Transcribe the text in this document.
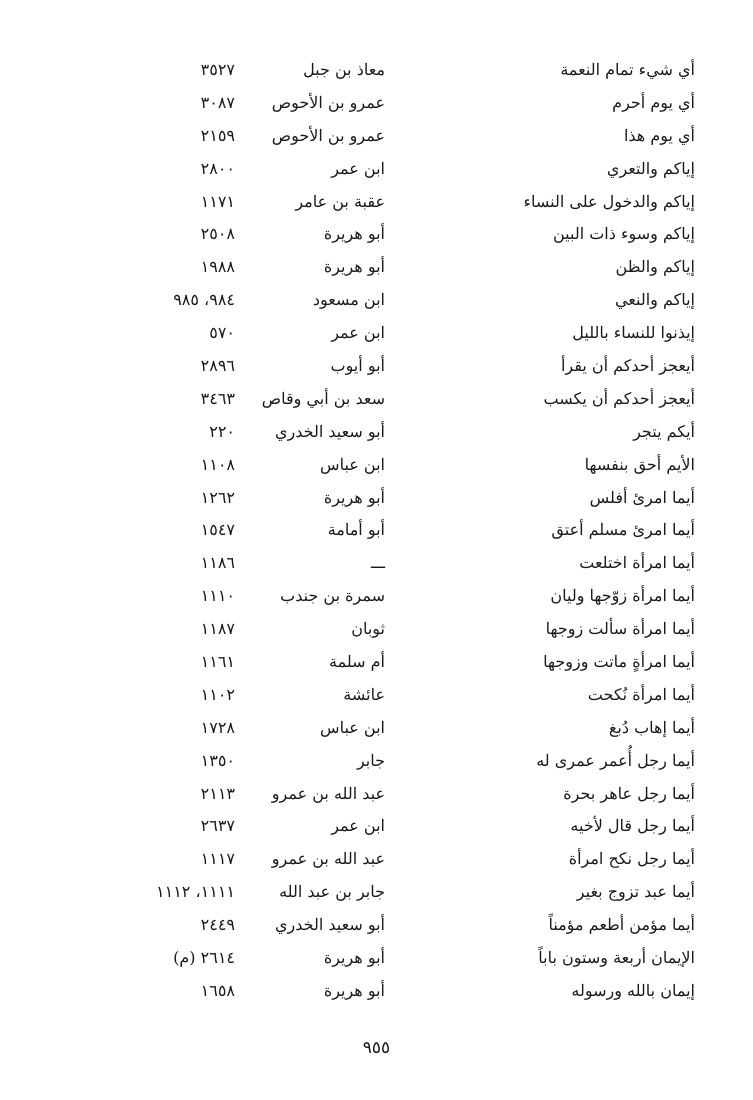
أي شيء تمام النعمة
معاذ بن جبل
٣٥٢٧
أي يوم أحرم
عمرو بن الأحوص
٣٠٨٧
أي يوم هذا
عمرو بن الأحوص
٢١٥٩
إياكم والتعري
ابن عمر
٢٨٠٠
إياكم والدخول على النساء
عقبة بن عامر
١١٧١
إياكم وسوء ذات البين
أبو هريرة
٢٥٠٨
إياكم والظن
أبو هريرة
١٩٨٨
إياكم والنعي
ابن مسعود
٩٨٤، ٩٨٥
إيذنوا للنساء بالليل
ابن عمر
٥٧٠
أيعجز أحدكم أن يقرأ
أبو أيوب
٢٨٩٦
أيعجز أحدكم أن يكسب
سعد بن أبي وقاص
٣٤٦٣
أيكم يتجر
أبو سعيد الخدري
٢٢٠
الأيم أحق بنفسها
ابن عباس
١١٠٨
أيما امرئ أفلس
أبو هريرة
١٢٦٢
أيما امرئ مسلم أعتق
أبو أمامة
١٥٤٧
أيما امرأة اختلعت
ـــ
١١٨٦
أيما امرأة زوّجها وليان
سمرة بن جندب
١١١٠
أيما امرأة سألت زوجها
ثوبان
١١٨٧
أيما امرأةٍ ماتت وزوجها
أم سلمة
١١٦١
أيما امرأة نُكحت
عائشة
١١٠٢
أيما إهاب دُبغ
ابن عباس
١٧٢٨
أيما رجل أُعمر عمرى له
جابر
١٣٥٠
أيما رجل عاهر بحرة
عبد الله بن عمرو
٢١١٣
أيما رجل قال لأخيه
ابن عمر
٢٦٣٧
أيما رجل نكح امرأة
عبد الله بن عمرو
١١١٧
أيما عبد تزوج بغير
جابر بن عبد الله
١١١١، ١١١٢
أيما مؤمن أطعم مؤمناً
أبو سعيد الخدري
٢٤٤٩
الإيمان أربعة وستون باباً
أبو هريرة
٢٦١٤ (م)
إيمان بالله ورسوله
أبو هريرة
١٦٥٨
٩٥٥
